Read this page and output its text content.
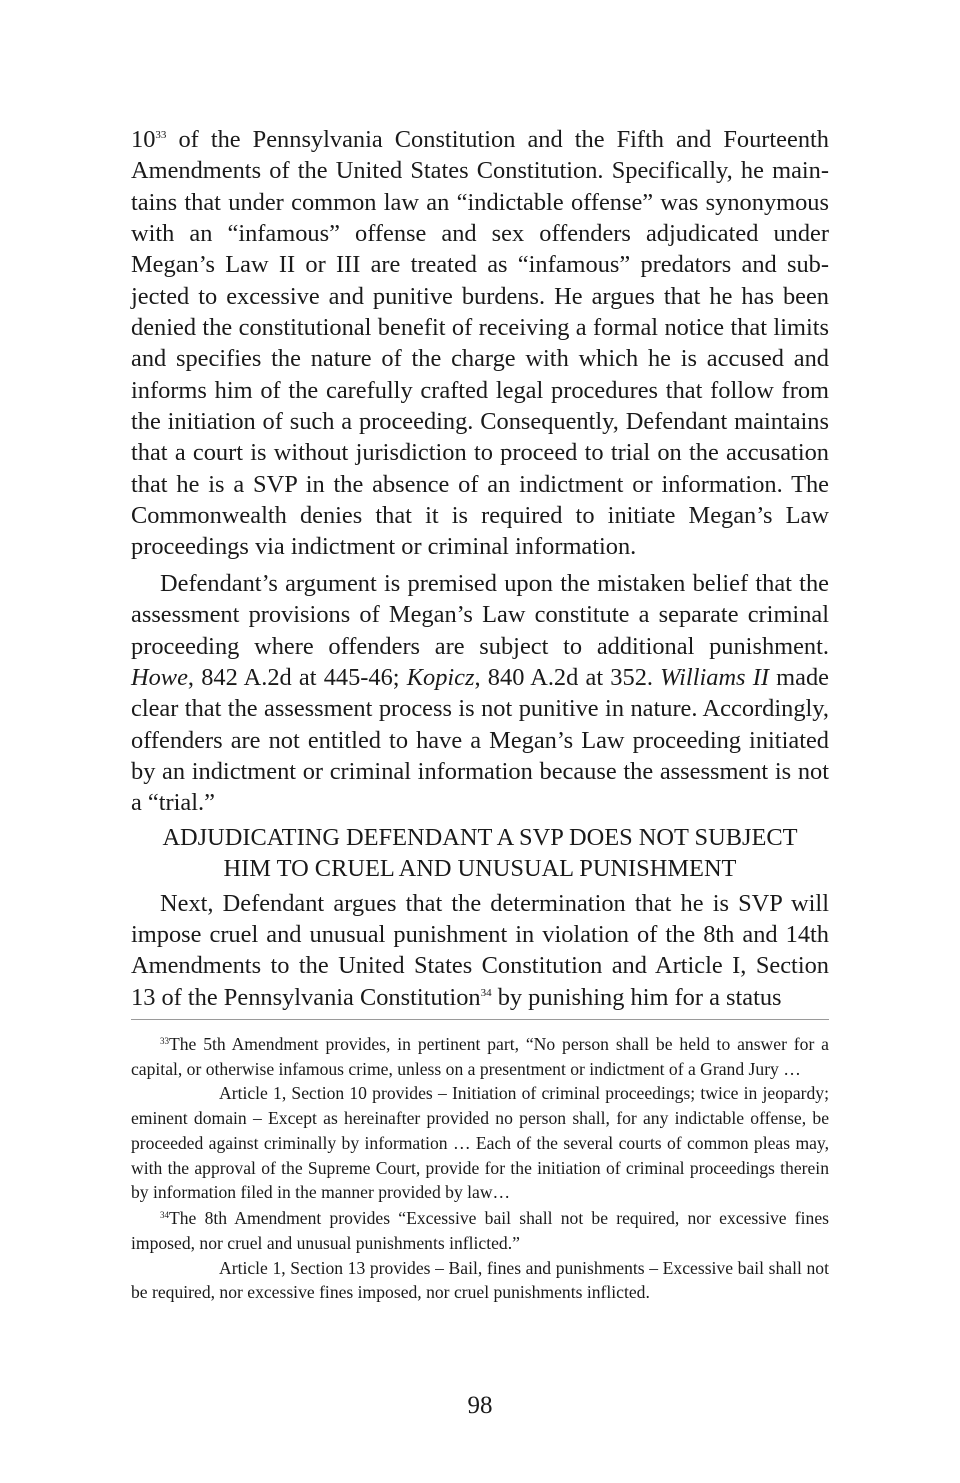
$10^{33}$ of the Pennsylvania Constitution and the Fifth and Fourteenth Amendments of the United States Constitution. Specifically, he maintains that under common law an “indictable offense” was synonymous with an “infamous” offense and sex offenders adjudicated under Megan’s Law II or III are treated as “infamous” predators and subjected to excessive and punitive burdens. He argues that he has been denied the constitutional benefit of receiving a formal notice that limits and specifies the nature of the charge with which he is accused and informs him of the carefully crafted legal procedures that follow from the initiation of such a proceeding. Consequently, Defendant maintains that a court is without jurisdiction to proceed to trial on the accusation that he is a SVP in the absence of an indictment or information. The Commonwealth denies that it is required to initiate Megan’s Law proceedings via indictment or criminal information.

Defendant’s argument is premised upon the mistaken belief that the assessment provisions of Megan’s Law constitute a separate criminal proceeding where offenders are subject to additional punishment. Howe, 842 A.2d at 445-46; Kopicz, 840 A.2d at 352. Williams II made clear that the assessment process is not punitive in nature. Accordingly, offenders are not entitled to have a Megan’s Law proceeding initiated by an indictment or criminal information because the assessment is not a “trial.”

ADJUDICATING DEFENDANT A SVP DOES NOT SUBJECT
HIM TO CRUEL AND UNUSUAL PUNISHMENT

Next, Defendant argues that the determination that he is SVP will impose cruel and unusual punishment in violation of the 8th and 14th Amendments to the United States Constitution and Article I, Section 13 of the Pennsylvania Constitution$^{34}$ by punishing him for a status

$^{33}$The 5th Amendment provides, in pertinent part, “No person shall be held to answer for a capital, or otherwise infamous crime, unless on a presentment or indictment of a Grand Jury …

Article 1, Section 10 provides – Initiation of criminal proceedings; twice in jeopardy; eminent domain – Except as hereinafter provided no person shall, for any indictable offense, be proceeded against criminally by information … Each of the several courts of common pleas may, with the approval of the Supreme Court, provide for the initiation of criminal proceedings therein by information filed in the manner provided by law…

$^{34}$The 8th Amendment provides “Excessive bail shall not be required, nor excessive fines imposed, nor cruel and unusual punishments inflicted.”

Article 1, Section 13 provides – Bail, fines and punishments – Excessive bail shall not be required, nor excessive fines imposed, nor cruel punishments inflicted.

98
